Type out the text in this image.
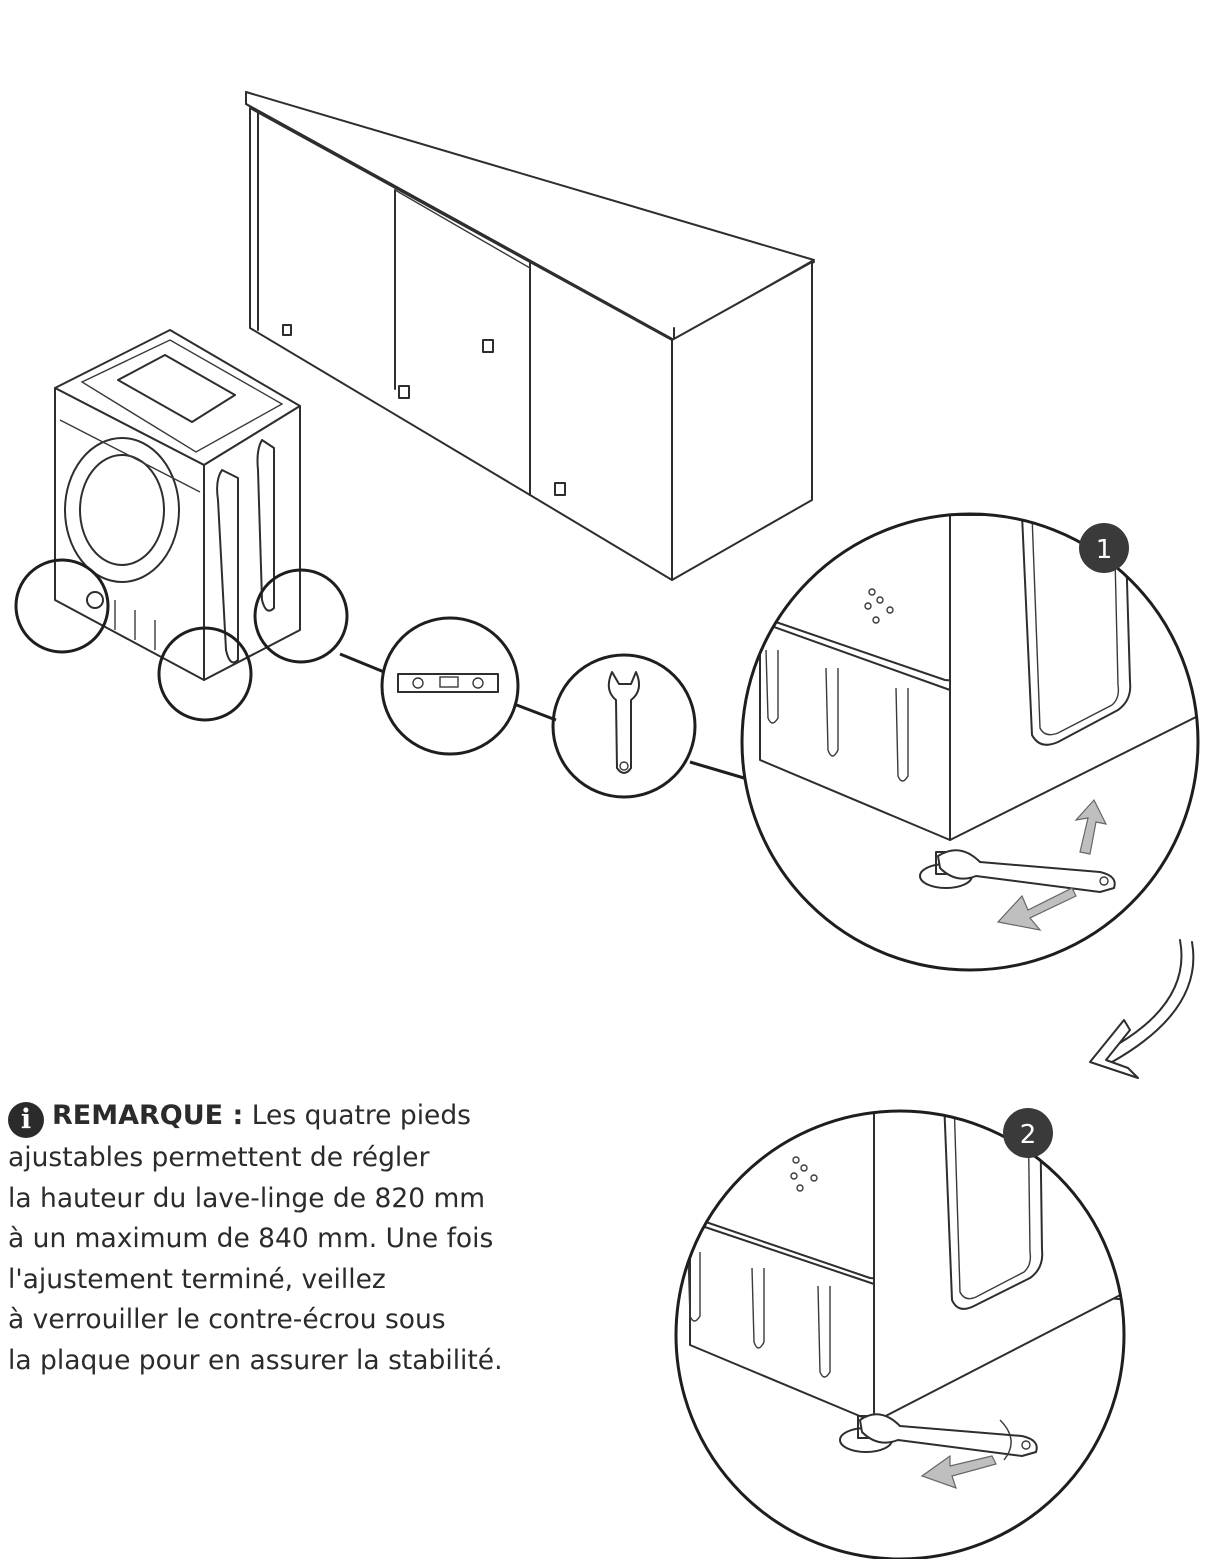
1
2
i REMARQUE : Les quatre pieds
ajustables permettent de régler
la hauteur du lave-linge de 820 mm
à un maximum de 840 mm. Une fois
l'ajustement terminé, veillez
à verrouiller le contre-écrou sous
la plaque pour en assurer la stabilité.
